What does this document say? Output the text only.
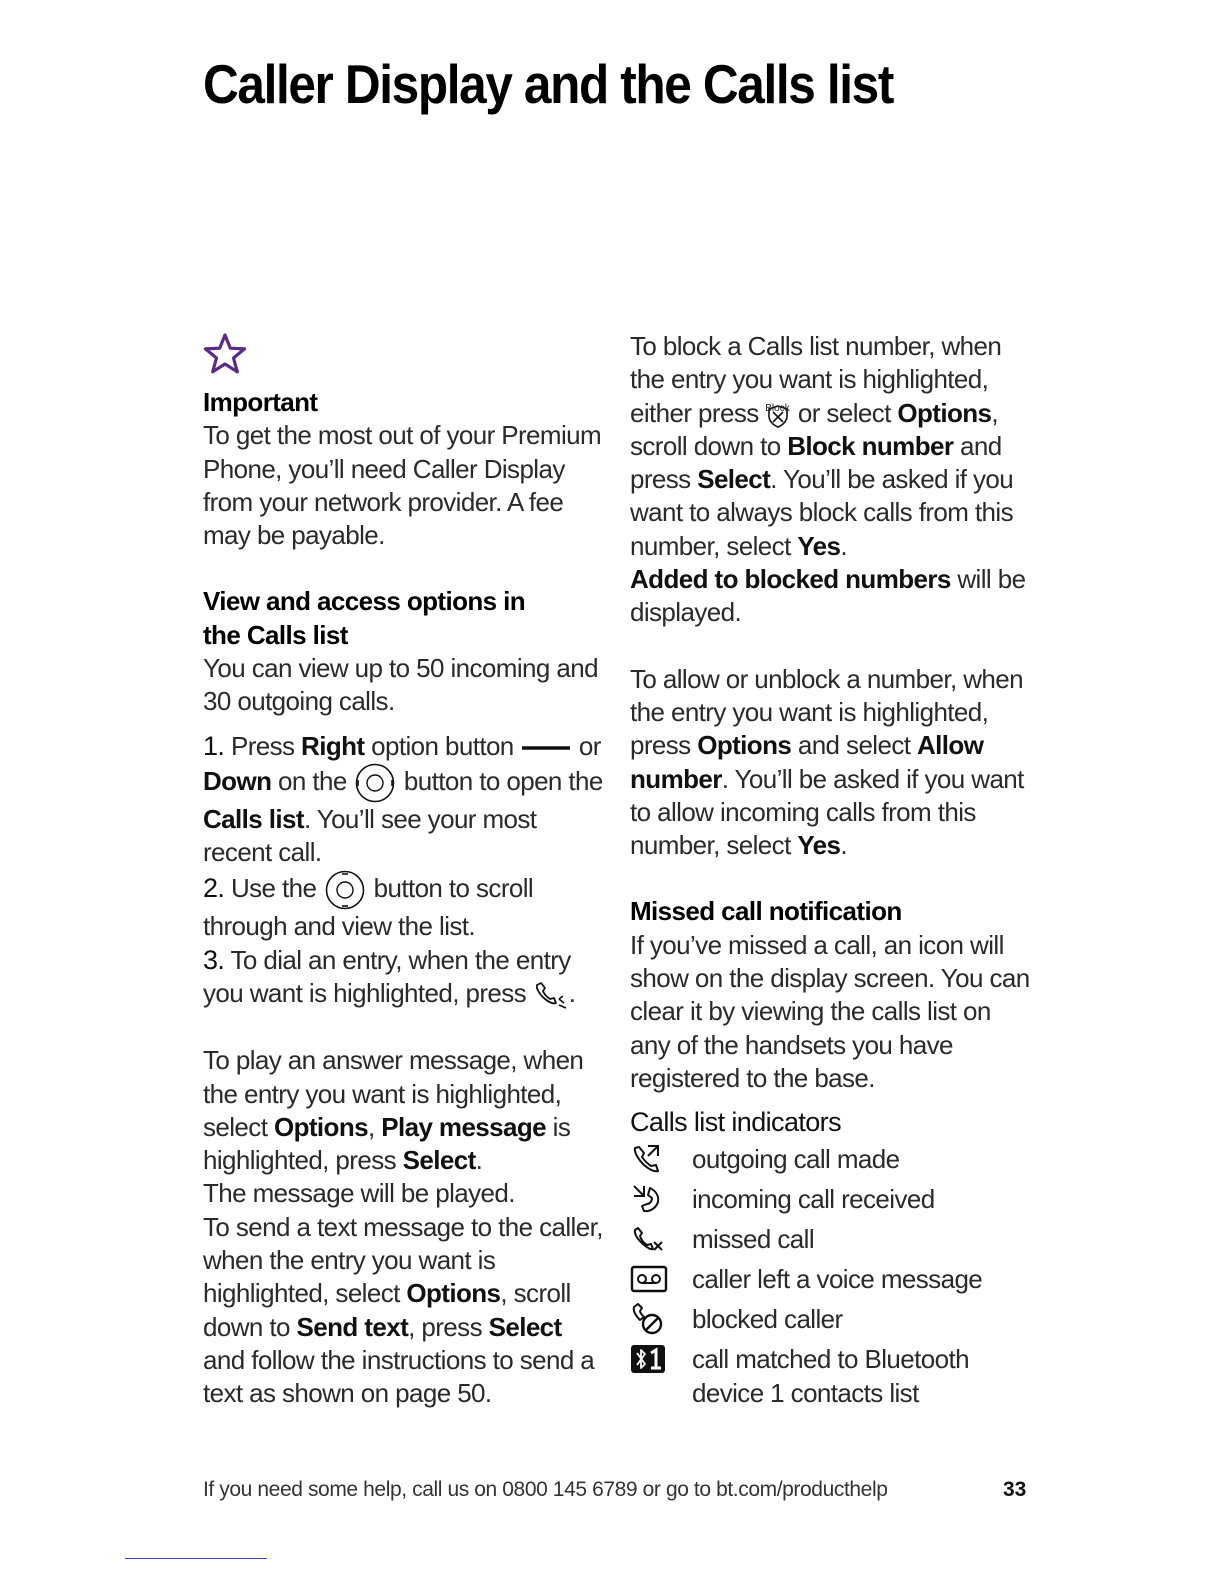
Caller Display and the Calls list
Important

To get the most out of your Premium Phone, you’ll need Caller Display from your network provider. A fee may be payable.

View and access options in
the Calls list

You can view up to 50 incoming and 30 outgoing calls.

1. Press Right option button  or Down on the  button to open the Calls list. You’ll see your most recent call.

2. Use the  button to scroll through and view the list.

3. To dial an entry, when the entry you want is highlighted, press .

To play an answer message, when the entry you want is highlighted, select Options, Play message is highlighted, press Select.

The message will be played.

To send a text message to the caller, when the entry you want is highlighted, select Options, scroll down to Send text, press Select and follow the instructions to send a text as shown on page 50.

To block a Calls list number, when the entry you want is highlighted, either press Block or select Options, scroll down to Block number and press Select. You’ll be asked if you want to always block calls from this number, select Yes.

Added to blocked numbers will be displayed.

To allow or unblock a number, when the entry you want is highlighted, press Options and select Allow number. You’ll be asked if you want to allow incoming calls from this number, select Yes.

Missed call notification

If you’ve missed a call, an icon will show on the display screen. You can clear it by viewing the calls list on any of the handsets you have registered to the base.

Calls list indicators
outgoing call made
incoming call received
missed call
caller left a voice message
blocked caller
call matched to Bluetooth device 1 contacts list
If you need some help, call us on 0800 145 6789 or go to bt.com/producthelp	33
